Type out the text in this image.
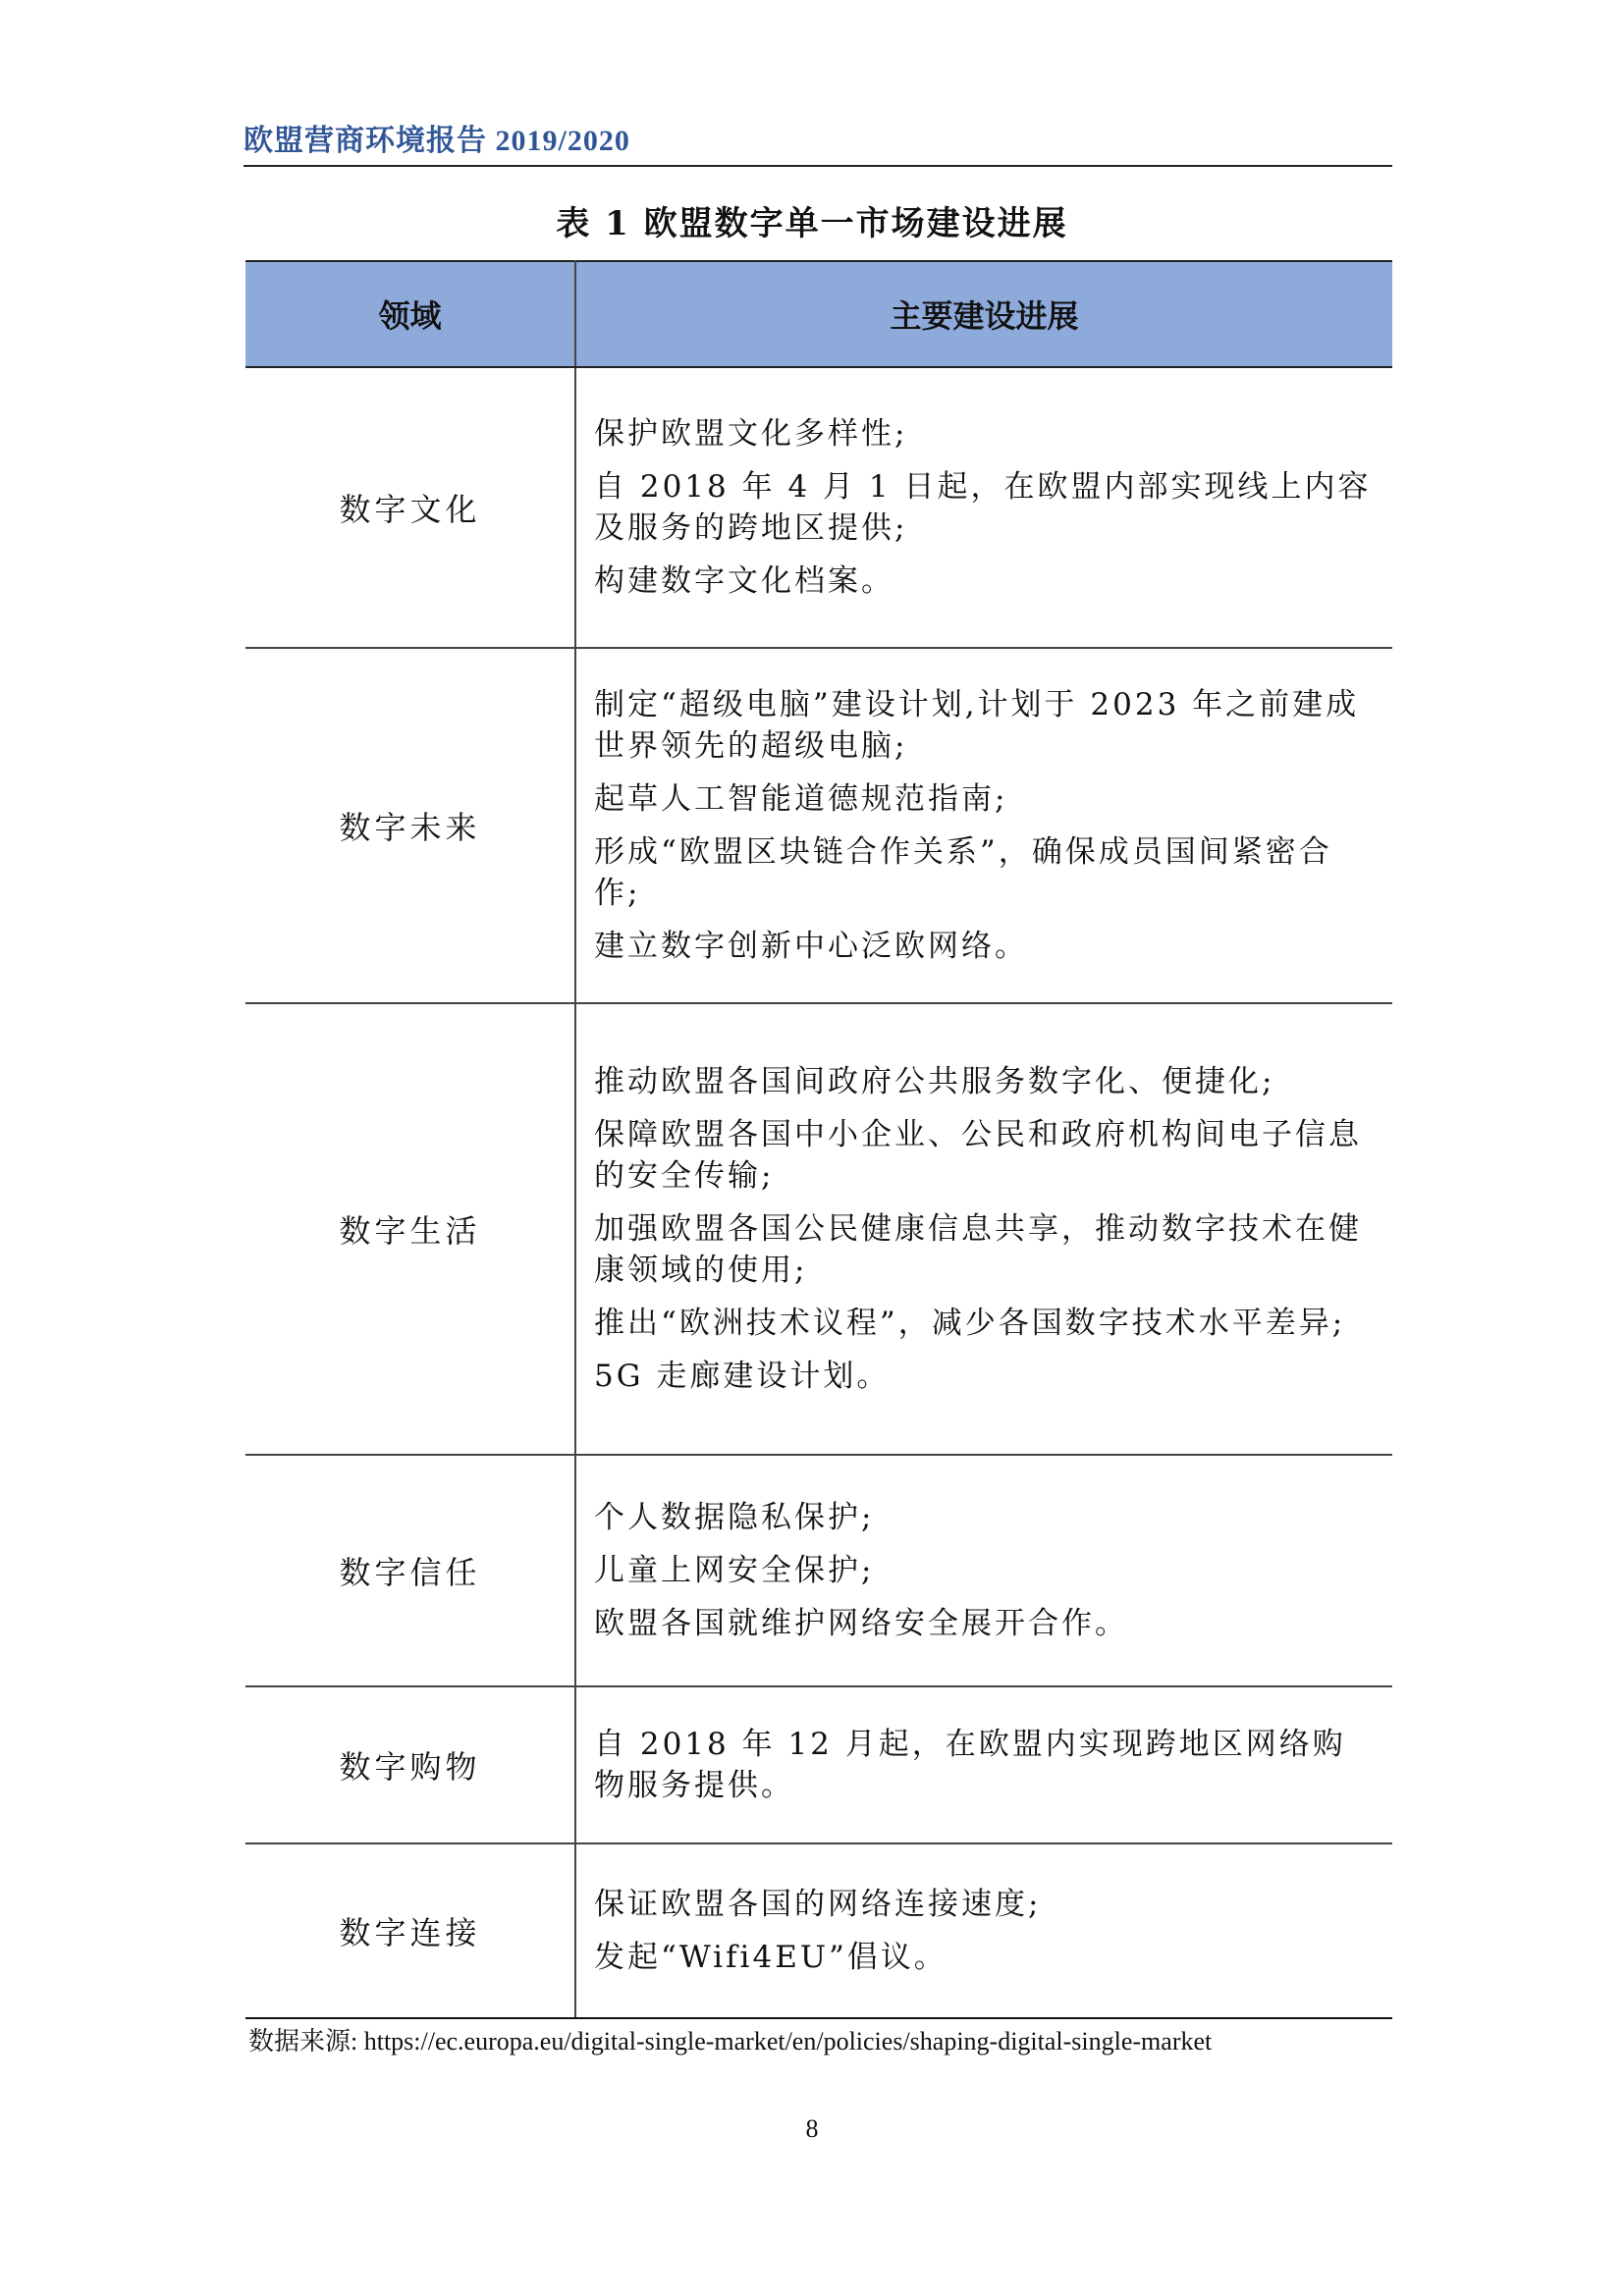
欧盟营商环境报告 2019/2020
表 1 欧盟数字单一市场建设进展
领域	主要建设进展
数字文化	保护欧盟文化多样性;
自 2018 年 4 月 1 日起，在欧盟内部实现线上内容及服务的跨地区提供;
构建数字文化档案。

数字未来	制定“超级电脑”建设计划,计划于 2023 年之前建成世界领先的超级电脑;
起草人工智能道德规范指南;
形成“欧盟区块链合作关系”，确保成员国间紧密合作;
建立数字创新中心泛欧网络。

数字生活	推动欧盟各国间政府公共服务数字化、便捷化;
保障欧盟各国中小企业、公民和政府机构间电子信息的安全传输;
加强欧盟各国公民健康信息共享，推动数字技术在健康领域的使用;
推出“欧洲技术议程”，减少各国数字技术水平差异;
5G 走廊建设计划。

数字信任	个人数据隐私保护;
儿童上网安全保护;
欧盟各国就维护网络安全展开合作。

数字购物	自 2018 年 12 月起，在欧盟内实现跨地区网络购物服务提供。

数字连接	保证欧盟各国的网络连接速度;
发起“Wifi4EU”倡议。
数据来源: https://ec.europa.eu/digital-single-market/en/policies/shaping-digital-single-market
8
